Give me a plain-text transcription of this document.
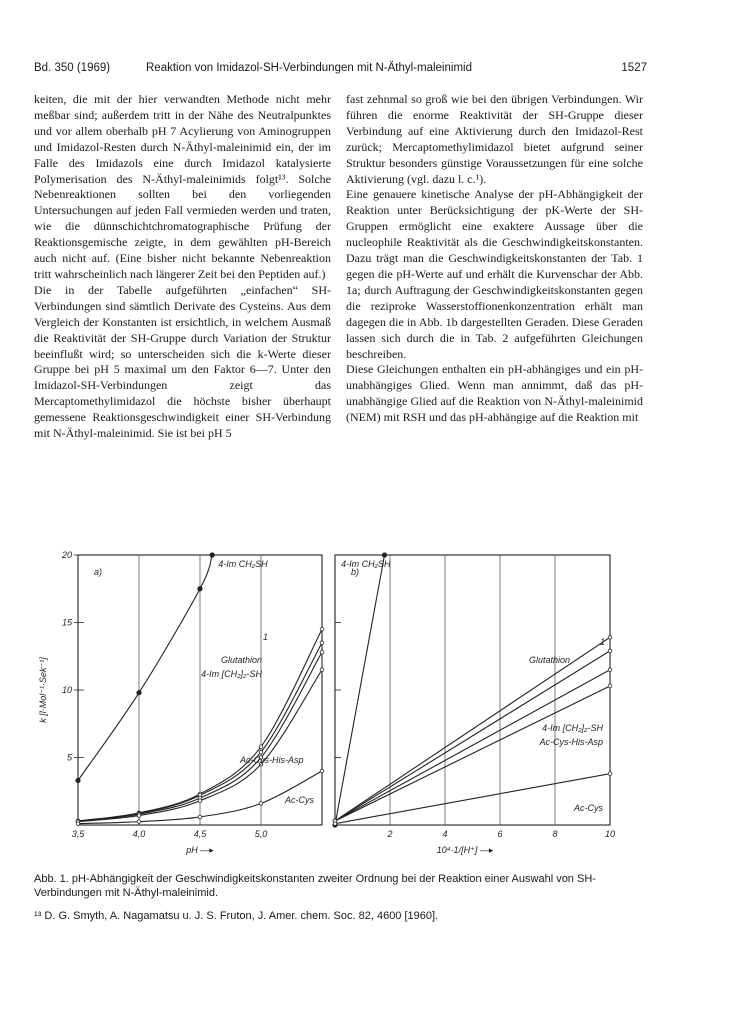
Bd. 350 (1969)	Reaktion von Imidazol-SH-Verbindungen mit N-Äthyl-maleinimid	1527

keiten, die mit der hier verwandten Methode nicht mehr meßbar sind; außerdem tritt in der Nähe des Neutralpunktes und vor allem oberhalb pH 7 Acylierung von Aminogruppen und Imidazol-Resten durch N-Äthyl-maleinimid ein, der im Falle des Imidazols eine durch Imidazol katalysierte Polymerisation des N-Äthyl-maleinimids folgt¹³. Solche Nebenreaktionen sollten bei den vorliegenden Untersuchungen auf jeden Fall vermieden werden und traten, wie die dünnschichtchromatographische Prüfung der Reaktionsgemische zeigte, in dem gewählten pH-Bereich auch nicht auf. (Eine bisher nicht bekannte Nebenreaktion tritt wahrscheinlich nach längerer Zeit bei den Peptiden auf.)

Die in der Tabelle aufgeführten „einfachen“ SH-Verbindungen sind sämtlich Derivate des Cysteins. Aus dem Vergleich der Konstanten ist ersichtlich, in welchem Ausmaß die Reaktivität der SH-Gruppe durch Variation der Struktur beeinflußt wird; so unterscheiden sich die k-Werte dieser Gruppe bei pH 5 maximal um den Faktor 6—7. Unter den Imidazol-SH-Verbindungen zeigt das Mercaptomethylimidazol die höchste bisher überhaupt gemessene Reaktionsgeschwindigkeit einer SH-Verbindung mit N-Äthyl-maleinimid. Sie ist bei pH 5

fast zehnmal so groß wie bei den übrigen Verbindungen. Wir führen die enorme Reaktivität der SH-Gruppe dieser Verbindung auf eine Aktivierung durch den Imidazol-Rest zurück; Mercaptomethylimidazol bietet aufgrund seiner Struktur besonders günstige Voraussetzungen für eine solche Aktivierung (vgl. dazu l. c.¹).

Eine genauere kinetische Analyse der pH-Abhängigkeit der Reaktion unter Berücksichtigung der pK-Werte der SH-Gruppen ermöglicht eine exaktere Aussage über die nucleophile Reaktivität als die Geschwindigkeitskonstanten. Dazu trägt man die Geschwindigkeitskonstanten der Tab. 1 gegen die pH-Werte auf und erhält die Kurvenschar der Abb. 1a; durch Auftragung der Geschwindigkeitskonstanten gegen die reziproke Wasserstoffionenkonzentration erhält man dagegen die in Abb. 1b dargestellten Geraden. Diese Geraden lassen sich durch die in Tab. 2 aufgeführten Gleichungen beschreiben.

Diese Gleichungen enthalten ein pH-abhängiges und ein pH-unabhängiges Glied. Wenn man annimmt, daß das pH-unabhängige Glied auf die Reaktion von N-Äthyl-maleinimid (NEM) mit RSH und das pH-abhängige auf die Reaktion mit

k [l·Mol⁻¹·Sek⁻¹]
3,5	4,0	4,5	5,0
5
10
15
20
a)
pH —▸
4-Im CH₂SH
1
Glutathion
4-Im [CH₂]₂-SH
Ac-Cys-His-Asp
Ac-Cys
2	4	6	8	10
b)
10⁴·1/[H⁺] —▸
4-Im CH₂SH
1
Glutathion
4-Im [CH₂]₂-SH
Ac-Cys-His-Asp
Ac-Cys
Abb. 1. pH-Abhängigkeit der Geschwindigkeitskonstanten zweiter Ordnung bei der Reaktion einer Auswahl von SH-Verbindungen mit N-Äthyl-maleinimid.
¹³ D. G. Smyth, A. Nagamatsu u. J. S. Fruton, J. Amer. chem. Soc. 82, 4600 [1960].
